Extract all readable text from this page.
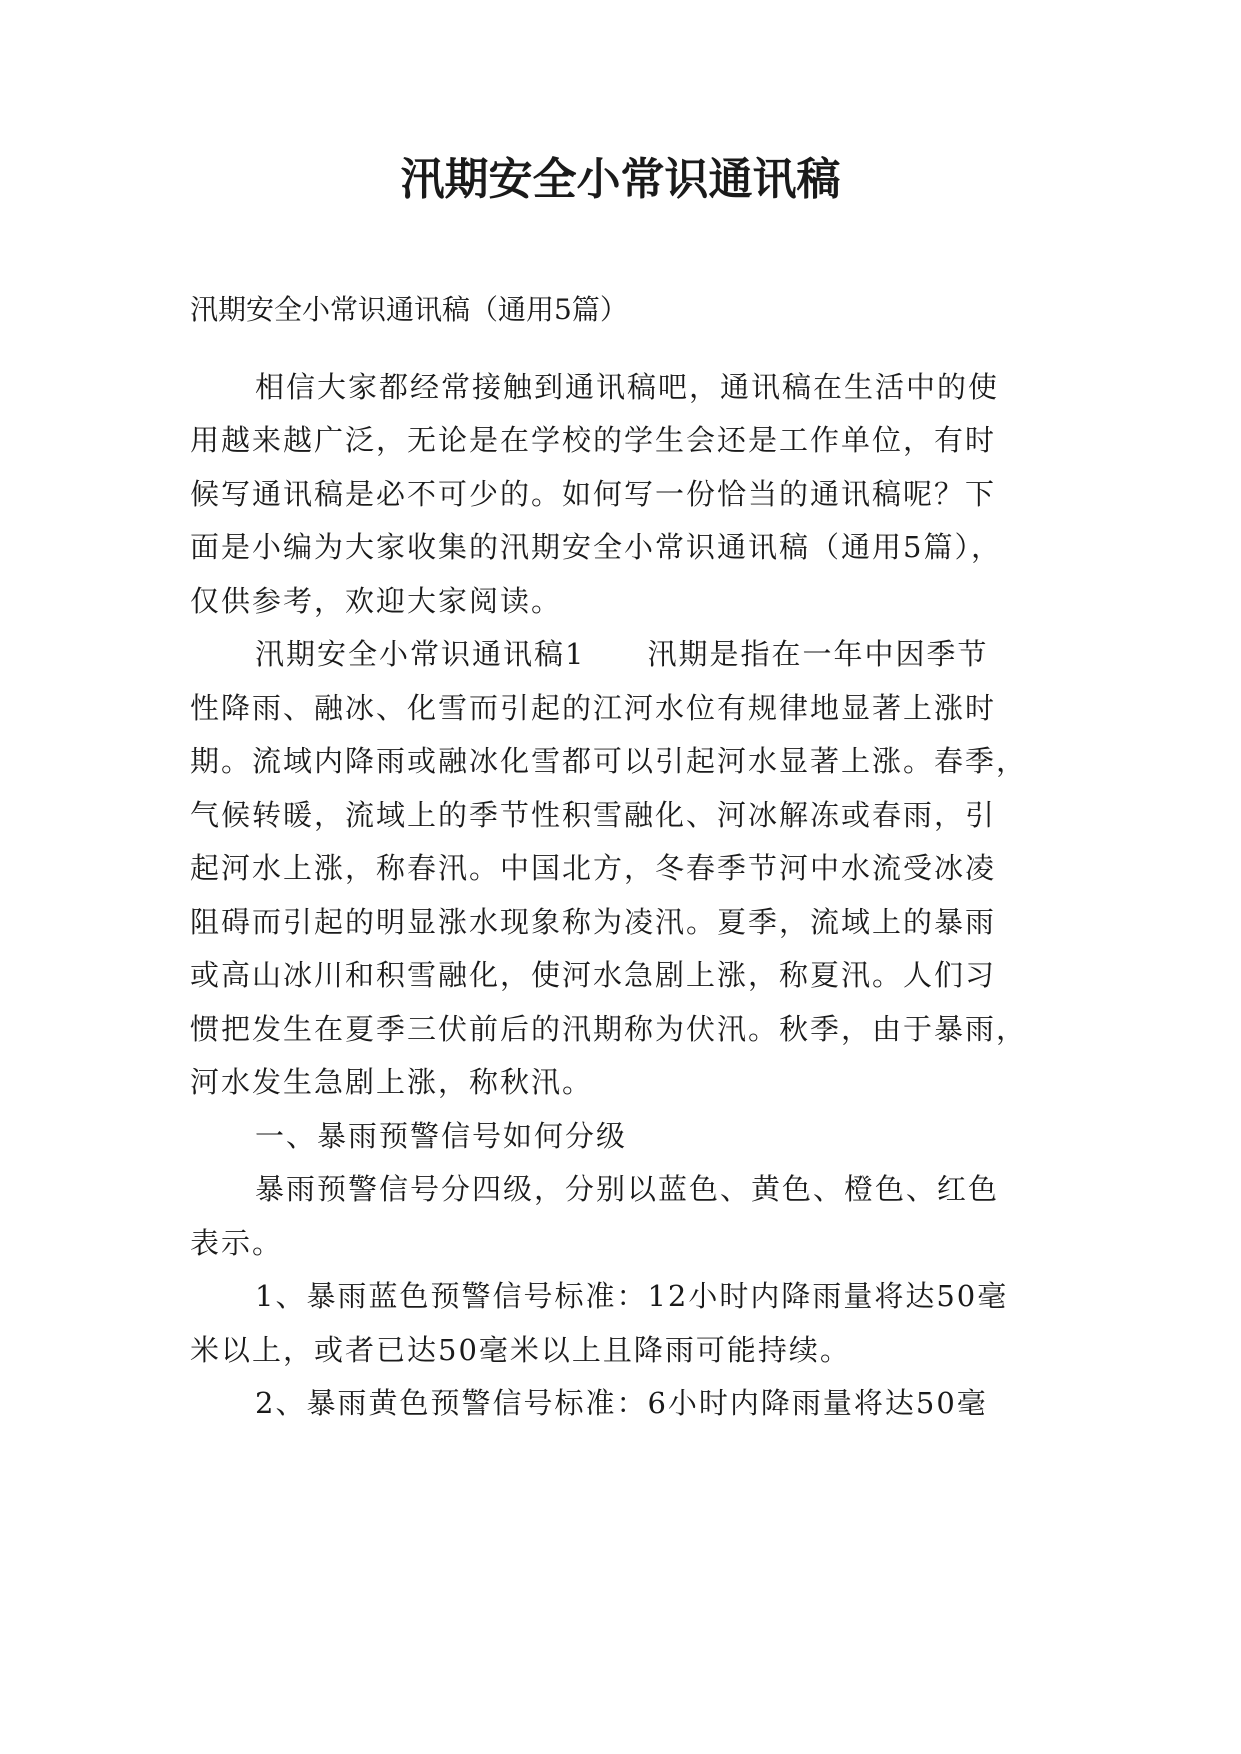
汛期安全小常识通讯稿
汛期安全小常识通讯稿（通用5篇）
相信大家都经常接触到通讯稿吧，通讯稿在生活中的使
用越来越广泛，无论是在学校的学生会还是工作单位，有时
候写通讯稿是必不可少的。如何写一份恰当的通讯稿呢？下
面是小编为大家收集的汛期安全小常识通讯稿（通用5篇），
仅供参考，欢迎大家阅读。
汛期安全小常识通讯稿1　　汛期是指在一年中因季节
性降雨、融冰、化雪而引起的江河水位有规律地显著上涨时
期。流域内降雨或融冰化雪都可以引起河水显著上涨。春季，
气候转暖，流域上的季节性积雪融化、河冰解冻或春雨，引
起河水上涨，称春汛。中国北方，冬春季节河中水流受冰凌
阻碍而引起的明显涨水现象称为凌汛。夏季，流域上的暴雨
或高山冰川和积雪融化，使河水急剧上涨，称夏汛。人们习
惯把发生在夏季三伏前后的汛期称为伏汛。秋季，由于暴雨，
河水发生急剧上涨，称秋汛。
一、暴雨预警信号如何分级
暴雨预警信号分四级，分别以蓝色、黄色、橙色、红色
表示。
1、暴雨蓝色预警信号标准：12小时内降雨量将达50毫
米以上，或者已达50毫米以上且降雨可能持续。
2、暴雨黄色预警信号标准：6小时内降雨量将达50毫
